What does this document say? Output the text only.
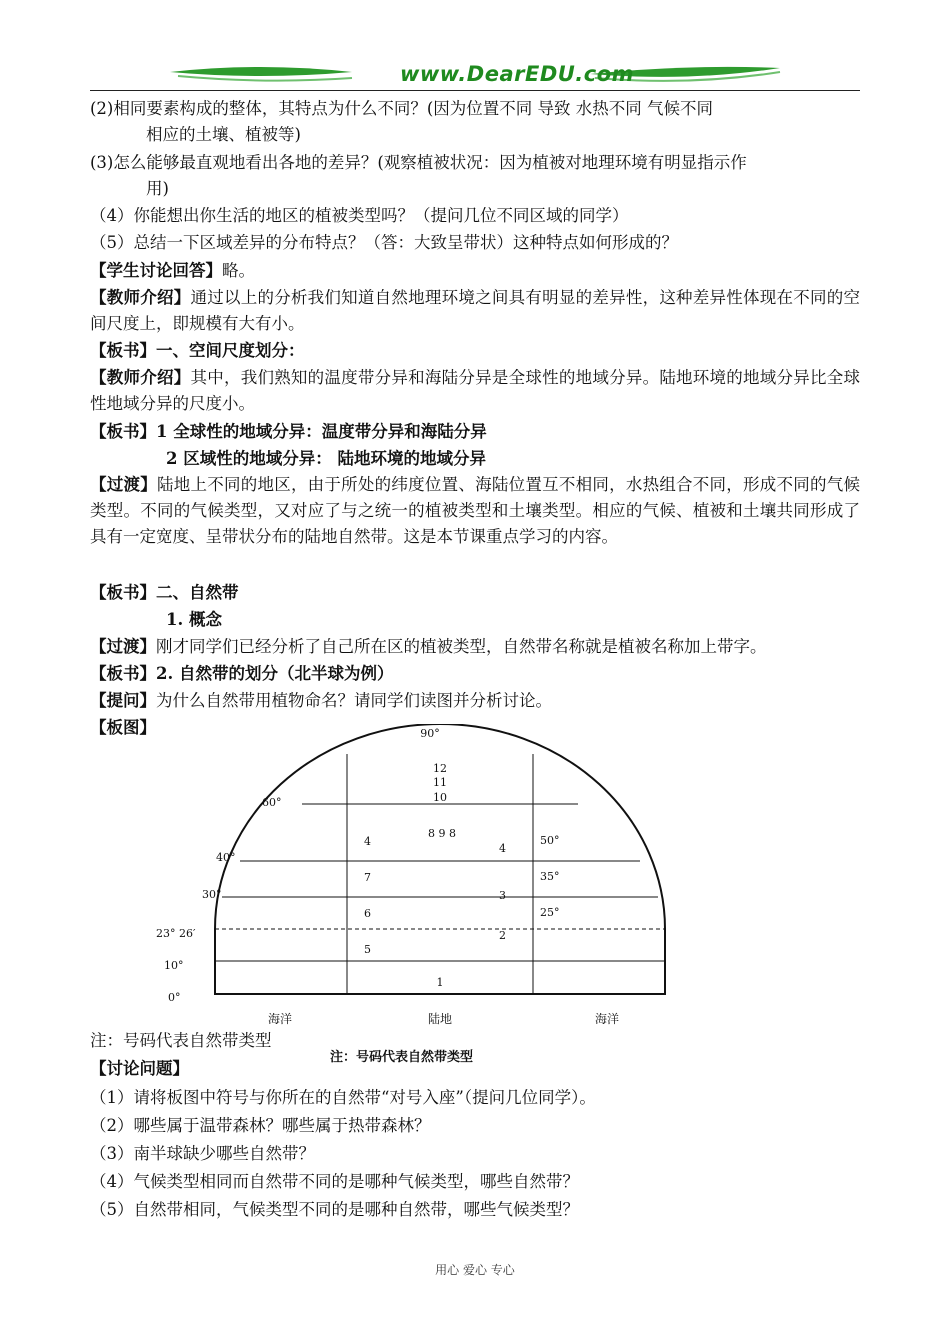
www.DearEDU.com
(2)相同要素构成的整体，其特点为什么不同？(因为位置不同 导致 水热不同 气候不同
相应的土壤、植被等)
(3)怎么能够最直观地看出各地的差异？(观察植被状况：因为植被对地理环境有明显指示作
用)
（4）你能想出你生活的地区的植被类型吗？（提问几位不同区域的同学）
（5）总结一下区域差异的分布特点？（答：大致呈带状）这种特点如何形成的？
【学生讨论回答】略。
【教师介绍】通过以上的分析我们知道自然地理环境之间具有明显的差异性，这种差异性体现在不同的空间尺度上，即规模有大有小。
【板书】一、空间尺度划分：
【教师介绍】其中，我们熟知的温度带分异和海陆分异是全球性的地域分异。陆地环境的地域分异比全球性地域分异的尺度小。
【板书】1 全球性的地域分异：温度带分异和海陆分异
2 区域性的地域分异： 陆地环境的地域分异
【过渡】陆地上不同的地区，由于所处的纬度位置、海陆位置互不相同，水热组合不同，形成不同的气候类型。不同的气候类型，又对应了与之统一的植被类型和土壤类型。相应的气候、植被和土壤共同形成了具有一定宽度、呈带状分布的陆地自然带。这是本节课重点学习的内容。
【板书】二、自然带
1. 概念
【过渡】刚才同学们已经分析了自己所在区的植被类型，自然带名称就是植被名称加上带字。
【板书】2. 自然带的划分（北半球为例）
【提问】为什么自然带用植物命名？请同学们读图并分析讨论。
【板图】	90°
60°
40°
30°
23° 26′
10°
0°
50°
35°
25°
12
11
10
4
8 9 8
4
7
3
6
2
5
1
海洋	陆地	海洋
注：号码代表自然带类型
注：号码代表自然带类型
【讨论问题】
（1）请将板图中符号与你所在的自然带“对号入座”（提问几位同学）。
（2）哪些属于温带森林？哪些属于热带森林？
（3）南半球缺少哪些自然带？
（4）气候类型相同而自然带不同的是哪种气候类型，哪些自然带？
（5）自然带相同，气候类型不同的是哪种自然带，哪些气候类型？
用心 爱心 专心
